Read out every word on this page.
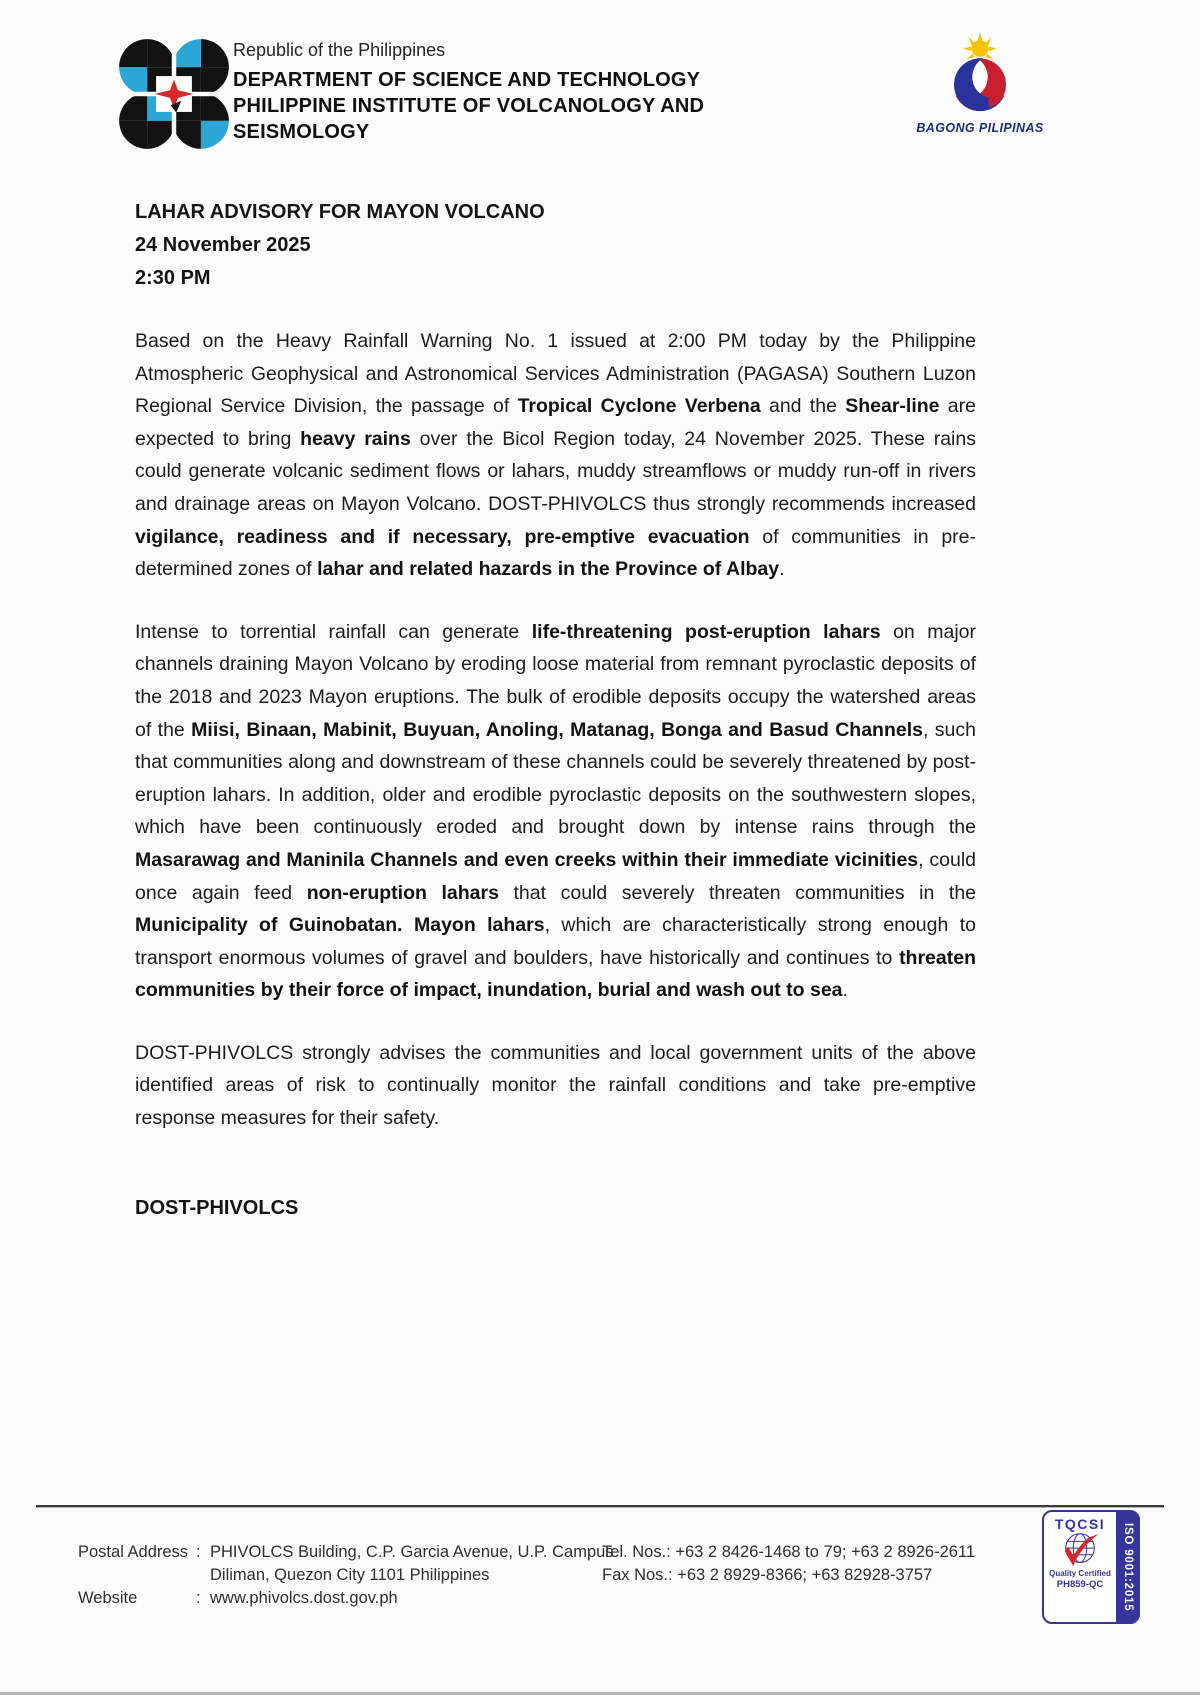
Republic of the Philippines
DEPARTMENT OF SCIENCE AND TECHNOLOGY
PHILIPPINE INSTITUTE OF VOLCANOLOGY AND SEISMOLOGY	BAGONG PILIPINAS
LAHAR ADVISORY FOR MAYON VOLCANO
24 November 2025
2:30 PM

Based on the Heavy Rainfall Warning No. 1 issued at 2:00 PM today by the Philippine Atmospheric Geophysical and Astronomical Services Administration (PAGASA) Southern Luzon Regional Service Division, the passage of Tropical Cyclone Verbena and the Shear-line are expected to bring heavy rains over the Bicol Region today, 24 November 2025. These rains could generate volcanic sediment flows or lahars, muddy streamflows or muddy run-off in rivers and drainage areas on Mayon Volcano. DOST-PHIVOLCS thus strongly recommends increased vigilance, readiness and if necessary, pre-emptive evacuation of communities in pre-determined zones of lahar and related hazards in the Province of Albay.

Intense to torrential rainfall can generate life-threatening post-eruption lahars on major channels draining Mayon Volcano by eroding loose material from remnant pyroclastic deposits of the 2018 and 2023 Mayon eruptions. The bulk of erodible deposits occupy the watershed areas of the Miisi, Binaan, Mabinit, Buyuan, Anoling, Matanag, Bonga and Basud Channels, such that communities along and downstream of these channels could be severely threatened by post-eruption lahars. In addition, older and erodible pyroclastic deposits on the southwestern slopes, which have been continuously eroded and brought down by intense rains through the Masarawag and Maninila Channels and even creeks within their immediate vicinities, could once again feed non-eruption lahars that could severely threaten communities in the Municipality of Guinobatan. Mayon lahars, which are characteristically strong enough to transport enormous volumes of gravel and boulders, have historically and continues to threaten communities by their force of impact, inundation, burial and wash out to sea.

DOST-PHIVOLCS strongly advises the communities and local government units of the above identified areas of risk to continually monitor the rainfall conditions and take pre-emptive response measures for their safety.

DOST-PHIVOLCS
Postal Address : PHIVOLCS Building, C.P. Garcia Avenue, U.P. Campus
Diliman, Quezon City 1101 Philippines
Website	: www.phivolcs.dost.gov.ph
Tel. Nos.: +63 2 8426-1468 to 79; +63 2 8926-2611
Fax Nos.: +63 2 8929-8366; +63 82928-3757
TQCSI
Quality Certified
PH859-QC ISO 9001:2015
